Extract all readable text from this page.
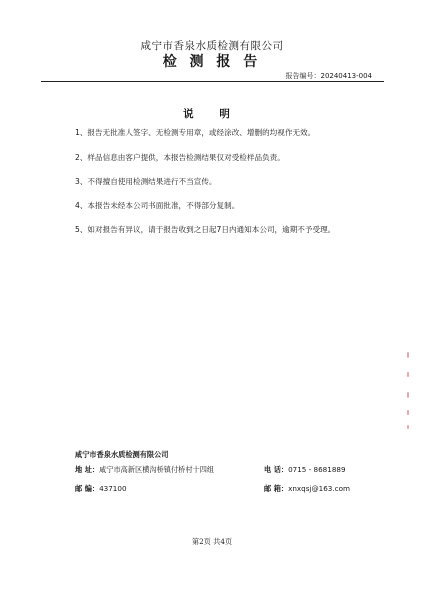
咸宁市香泉水质检测有限公司
检 测 报 告
报告编号：20240413-004
说 明
1、报告无批准人签字、无检测专用章，或经涂改、增删的均视作无效。
2、样品信息由客户提供，本报告检测结果仅对受检样品负责。
3、不得擅自使用检测结果进行不当宣传。
4、本报告未经本公司书面批准，不得部分复制。
5、如对报告有异议，请于报告收到之日起7日内通知本公司，逾期不予受理。
咸宁市香泉水质检测有限公司
地 址：咸宁市高新区横沟桥镇付桥村十四组	电 话：0715 - 8681889
邮 编：437100	邮 箱：xnxqsj@163.com
第2页 共4页
